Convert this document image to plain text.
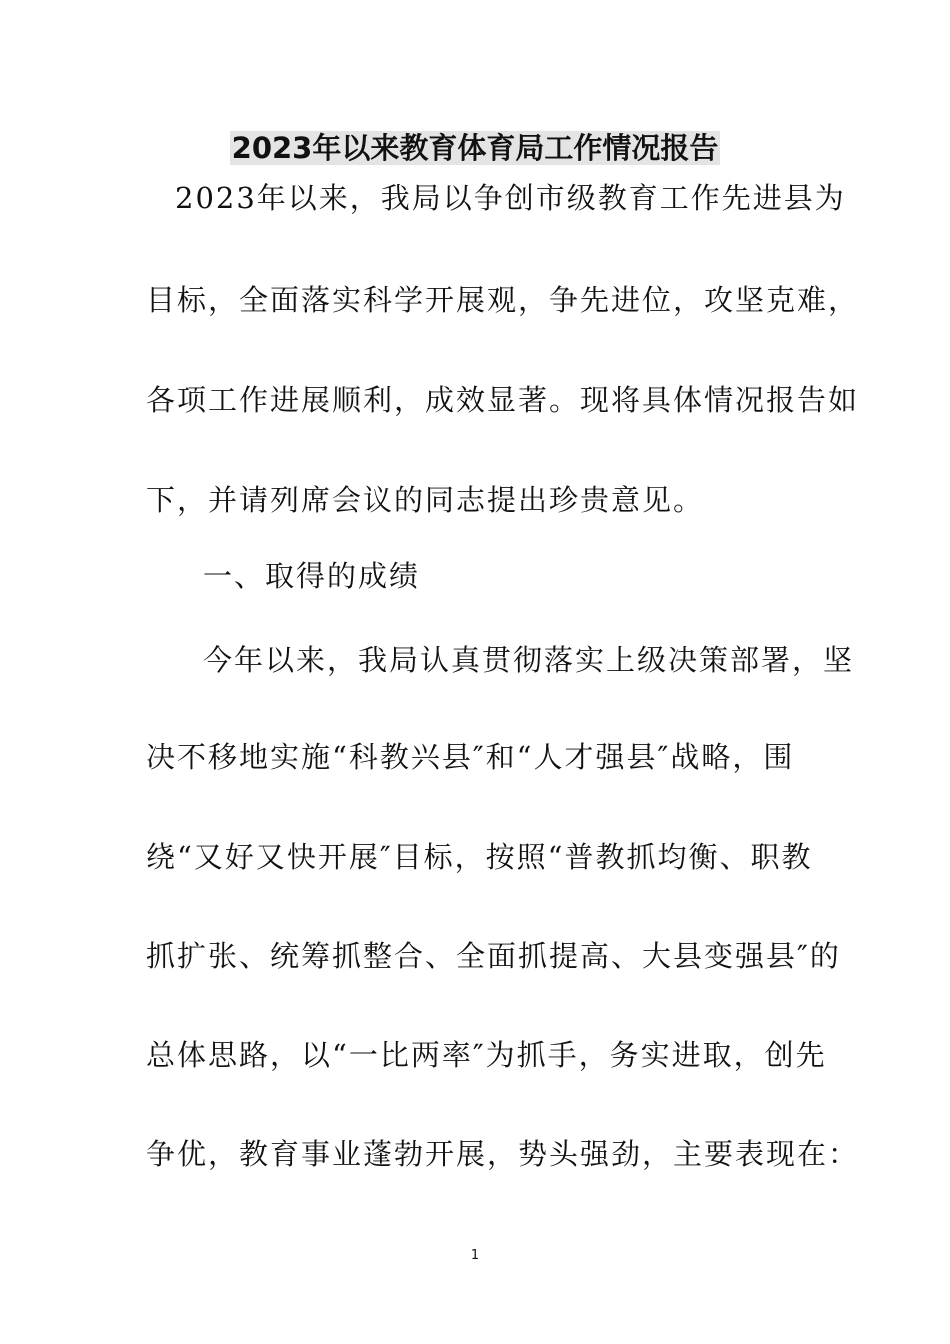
2023年以来教育体育局工作情况报告
2023年以来，我局以争创市级教育工作先进县为
目标，全面落实科学开展观，争先进位，攻坚克难，
各项工作进展顺利，成效显著。现将具体情况报告如
下，并请列席会议的同志提出珍贵意见。
一、取得的成绩
今年以来，我局认真贯彻落实上级决策部署，坚
决不移地实施“科教兴县″和“人才强县″战略，围
绕“又好又快开展″目标，按照“普教抓均衡、职教
抓扩张、统筹抓整合、全面抓提高、大县变强县″的
总体思路，以“一比两率″为抓手，务实进取，创先
争优，教育事业蓬勃开展，势头强劲，主要表现在：
1
